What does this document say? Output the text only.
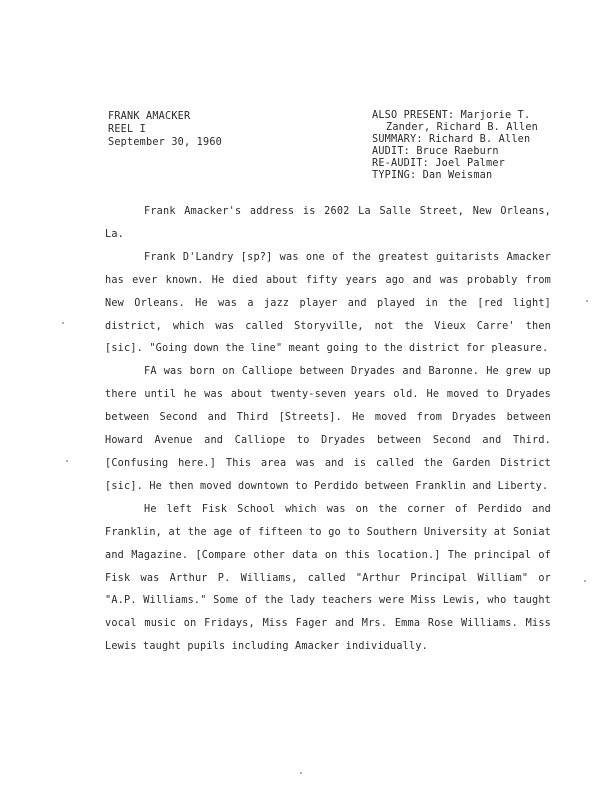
FRANK AMACKER
REEL I
September 30, 1960
ALSO PRESENT: Marjorie T.
Zander, Richard B. Allen
SUMMARY: Richard B. Allen
AUDIT: Bruce Raeburn
RE-AUDIT: Joel Palmer
TYPING: Dan Weisman

Frank Amacker's address is 2602 La Salle Street, New Orleans, La.

Frank D'Landry [sp?] was one of the greatest guitarists Amacker has ever known. He died about fifty years ago and was probably from New Orleans. He was a jazz player and played in the [red light] district, which was called Storyville, not the Vieux Carre' then [sic]. "Going down the line" meant going to the district for pleasure.

FA was born on Calliope between Dryades and Baronne. He grew up there until he was about twenty-seven years old. He moved to Dryades between Second and Third [Streets]. He moved from Dryades between Howard Avenue and Calliope to Dryades between Second and Third. [Confusing here.] This area was and is called the Garden District [sic]. He then moved downtown to Perdido between Franklin and Liberty.

He left Fisk School which was on the corner of Perdido and Franklin, at the age of fifteen to go to Southern University at Soniat and Magazine. [Compare other data on this location.] The principal of Fisk was Arthur P. Williams, called "Arthur Principal William" or "A.P. Williams." Some of the lady teachers were Miss Lewis, who taught vocal music on Fridays, Miss Fager and Mrs. Emma Rose Williams. Miss Lewis taught pupils including Amacker individually.
